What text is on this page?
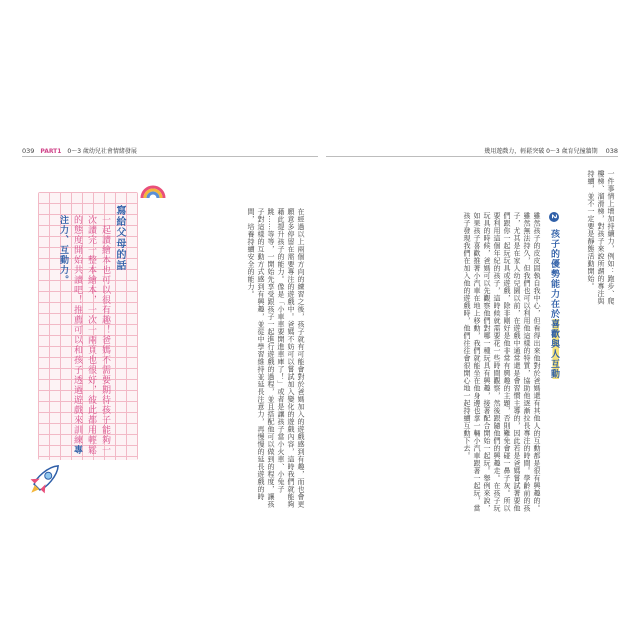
039 PART1 0～3 歲幼兒社會情緒發展	幾用遊戲力，輕鬆突破 0～3 歲育兒撞牆期 038

一件事情上增加持續力，例如：跑步、爬樓梯、溜滑梯，對孩子來說所謂的專注與持續，並不一定要是靜態活動開始。

2 孩子的優勢能力在於喜歡與人互動

雖然孩子的皮皮固執自我中心，但看得出來他對於爸媽還有其他人的互動都是很有興趣的。雖然無法持久，但我們也可以利用他這樣的特質，協助他逐漸拉長專注的時間。學齡前的孩子，尤其是在家人幼兒園以前，在遊戲中通常還是會習慣主導的，因此若是爸媽嘗試著要他們跟你一起玩玩具或遊戲，除非剛好是他非常有興趣的主題，否則難免會碰一鼻子灰。所以要利用這個年紀的孩子，這時候就需要花一些時間觀察，然後跟隨他們的興趣走。在孩子玩玩具的時候，爸媽可以先觀察他們對哪一種玩具有興趣，接著配合開始一起玩。舉例來說，如果孩子喜歡推著小汽車在地上移動，我們就能坐在他身邊也拿一輛小汽車跟著一起玩，當孩子發現我們在加入他的遊戲時，他們往往會很開心地一起持續互動下去。

在經過以上兩個方向的練習之後，孩子就有可能會對於爸媽加入的遊戲感到有趣，而也會更願意多停留在需要專注的遊戲中。爸媽不妨可以嘗試加入變化的遊戲內容，這時我們就能夠藉此提升孩子的能力。像是「小車車要開進車庫了！」或者是讓孩子當小火車、小兔子跳……等等，一開始先享受跟孩子一起進行遊戲的過程，並且搭配他可以做到的程度，讓孩子對這樣的互動方式感到有興趣，並從中學習維持並延長注意力，再慢慢的延長遊戲的時間，培養持續安全的能力。

寫給父母的話
一起讀繪本也可以很有趣！爸媽不需要期待孩子能夠一次讀完一整本繪本，一次一兩頁也很好，彼此都用輕鬆的態度開始共讀吧！推薦可以和孩子透過遊戲來訓練專注力、互動力。
